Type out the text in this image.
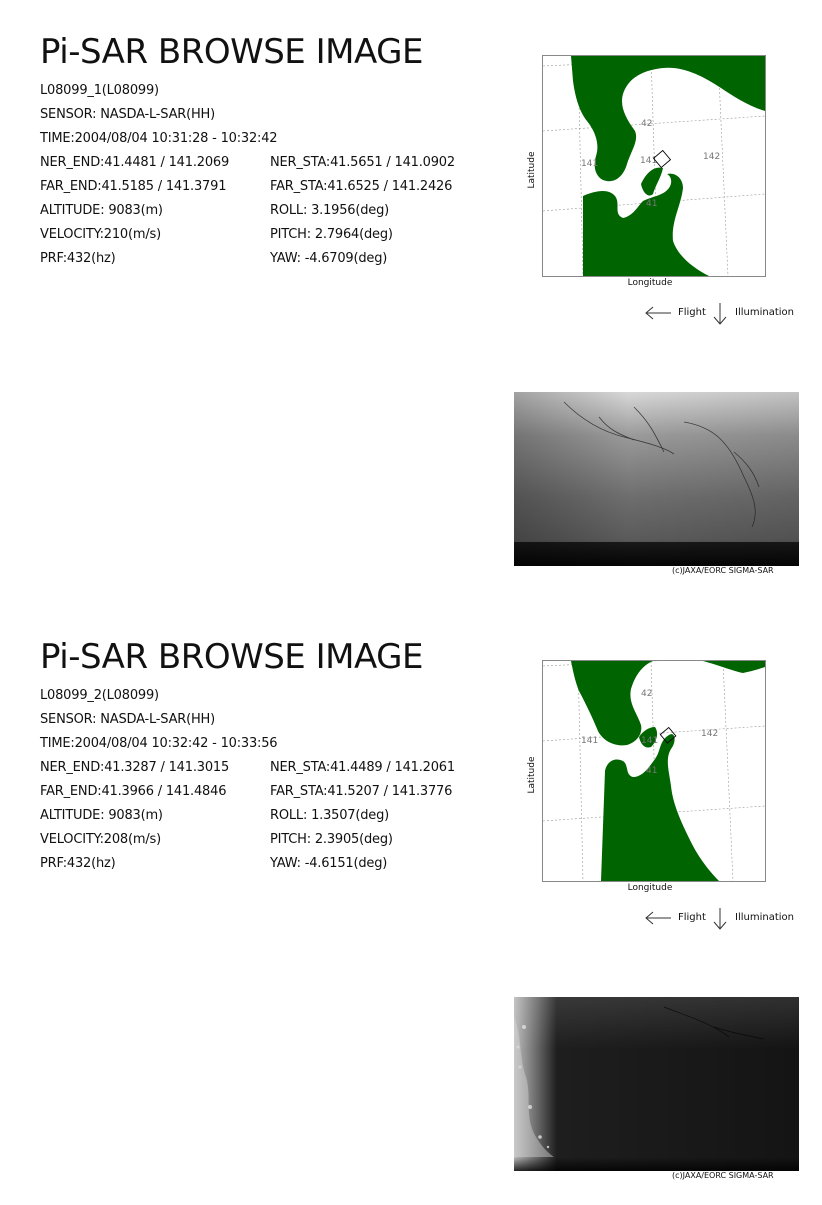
Pi-SAR BROWSE IMAGE
L08099_1(L08099)
SENSOR: NASDA-L-SAR(HH)
TIME:2004/08/04 10:31:28 - 10:32:42
NER_END:41.4481 / 141.2069	NER_STA:41.5651 / 141.0902
FAR_END:41.5185 / 141.3791	FAR_STA:41.6525 / 141.2426
ALTITUDE: 9083(m)	ROLL: 3.1956(deg)
VELOCITY:210(m/s)	PITCH: 2.7964(deg)
PRF:432(hz)	YAW: -4.6709(deg)
42
141	141	142
41
Latitude
Longitude
Flight	Illumination
(c)JAXA/EORC SIGMA-SAR
Pi-SAR BROWSE IMAGE
L08099_2(L08099)
SENSOR: NASDA-L-SAR(HH)
TIME:2004/08/04 10:32:42 - 10:33:56
NER_END:41.3287 / 141.3015	NER_STA:41.4489 / 141.2061
FAR_END:41.3966 / 141.4846	FAR_STA:41.5207 / 141.3776
ALTITUDE: 9083(m)	ROLL: 1.3507(deg)
VELOCITY:208(m/s)	PITCH: 2.3905(deg)
PRF:432(hz)	YAW: -4.6151(deg)
42
141	141
142
41
Latitude
Longitude
Flight	Illumination
(c)JAXA/EORC SIGMA-SAR
